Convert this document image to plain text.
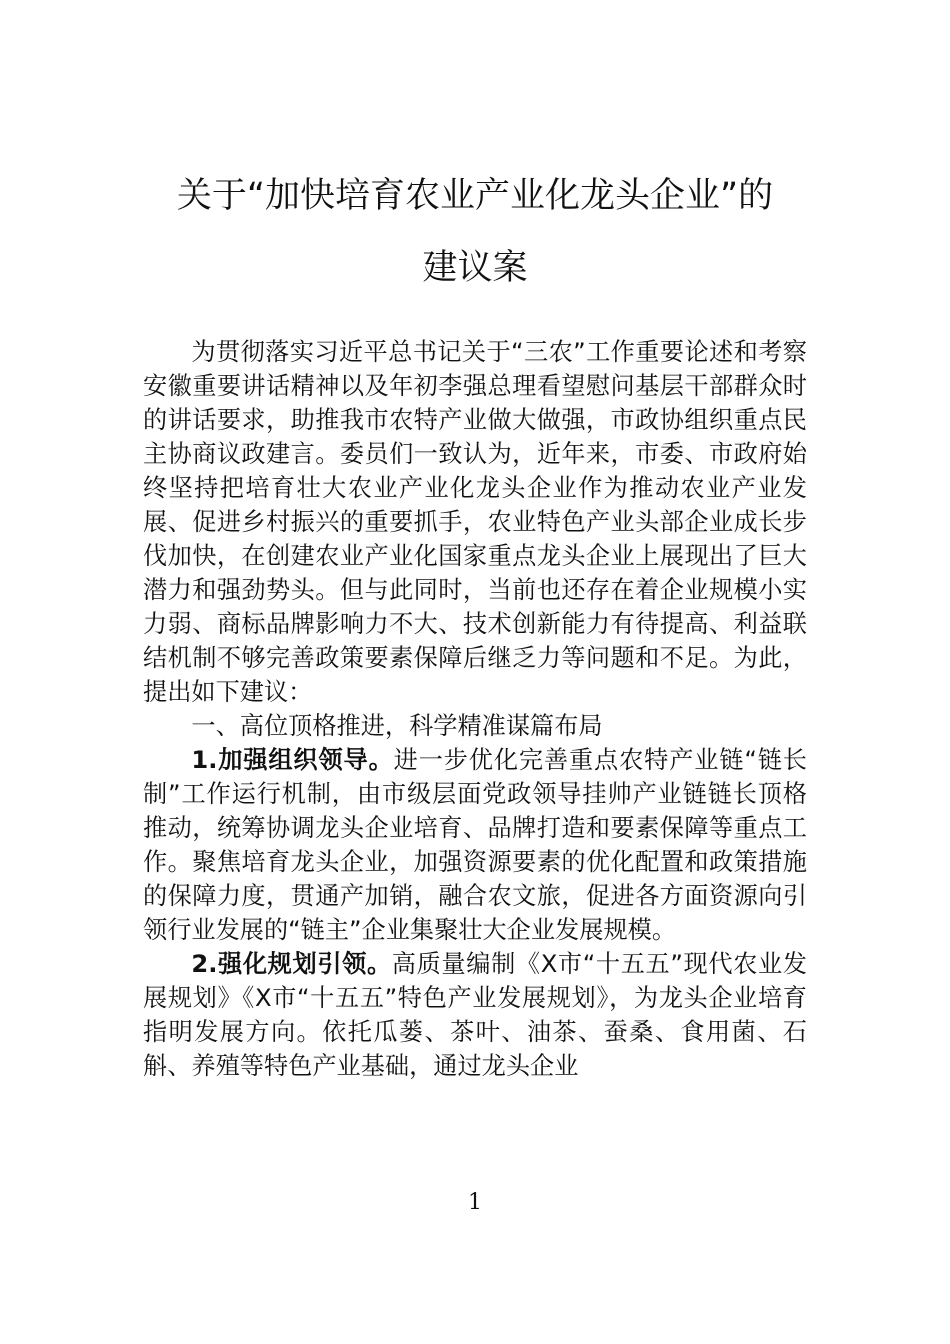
关于“加快培育农业产业化龙头企业”的
建议案

为贯彻落实习近平总书记关于“三农”工作重要论述和考察安徽重要讲话精神以及年初李强总理看望慰问基层干部群众时的讲话要求，助推我市农特产业做大做强，市政协组织重点民主协商议政建言。委员们一致认为，近年来，市委、市政府始终坚持把培育壮大农业产业化龙头企业作为推动农业产业发展、促进乡村振兴的重要抓手，农业特色产业头部企业成长步伐加快，在创建农业产业化国家重点龙头企业上展现出了巨大潜力和强劲势头。但与此同时，当前也还存在着企业规模小实力弱、商标品牌影响力不大、技术创新能力有待提高、利益联结机制不够完善政策要素保障后继乏力等问题和不足。为此，提出如下建议：

一、高位顶格推进，科学精准谋篇布局

1.加强组织领导。进一步优化完善重点农特产业链“链长制”工作运行机制，由市级层面党政领导挂帅产业链链长顶格推动，统筹协调龙头企业培育、品牌打造和要素保障等重点工作。聚焦培育龙头企业，加强资源要素的优化配置和政策措施的保障力度，贯通产加销，融合农文旅，促进各方面资源向引领行业发展的“链主”企业集聚壮大企业发展规模。

2.强化规划引领。高质量编制《X市“十五五”现代农业发展规划》《X市“十五五”特色产业发展规划》，为龙头企业培育指明发展方向。依托瓜蒌、茶叶、油茶、蚕桑、食用菌、石斛、养殖等特色产业基础，通过龙头企业

1
